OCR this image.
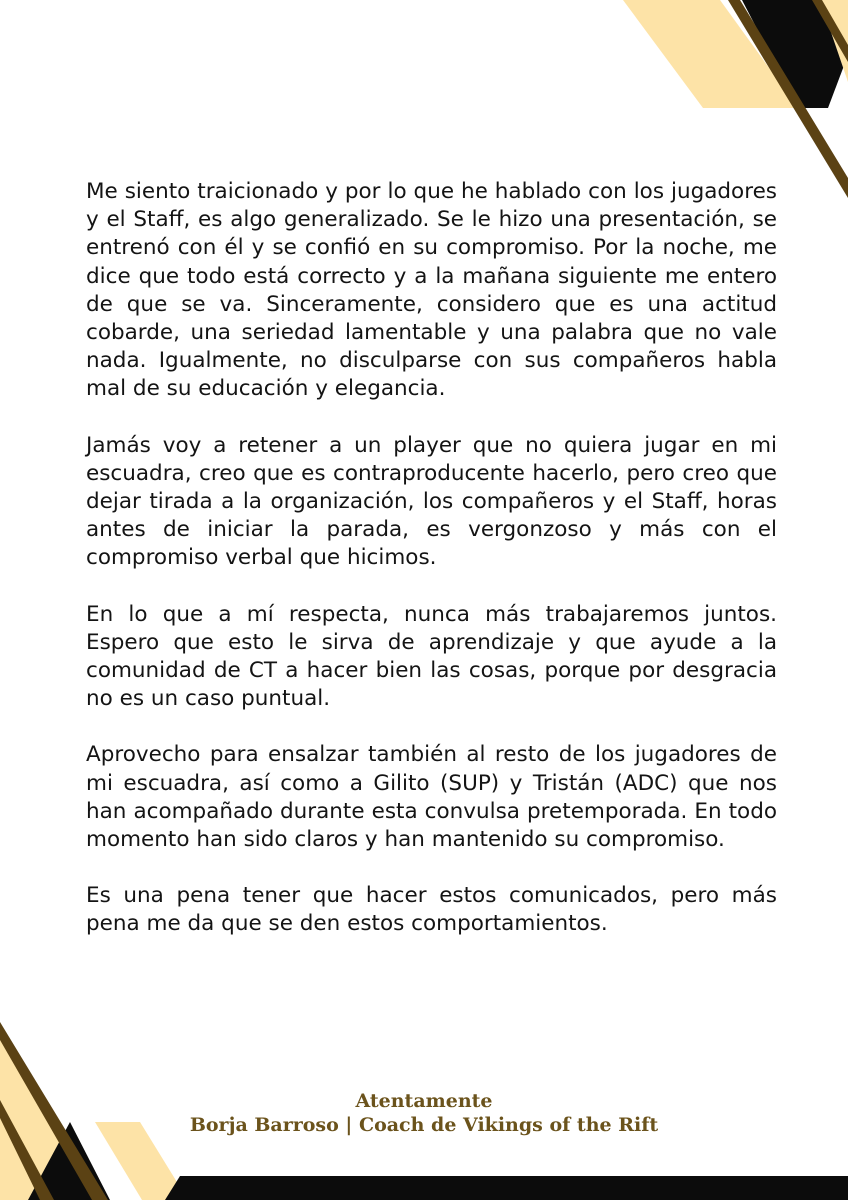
Me siento traicionado y por lo que he hablado con los jugadores y el Staff, es algo generalizado. Se le hizo una presentación, se entrenó con él y se confió en su compromiso. Por la noche, me dice que todo está correcto y a la mañana siguiente me entero de que se va. Sinceramente, considero que es una actitud cobarde, una seriedad lamentable y una palabra que no vale nada. Igualmente, no disculparse con sus compañeros habla mal de su educación y elegancia.

Jamás voy a retener a un player que no quiera jugar en mi escuadra, creo que es contraproducente hacerlo, pero creo que dejar tirada a la organización, los compañeros y el Staff, horas antes de iniciar la parada, es vergonzoso y más con el compromiso verbal que hicimos.

En lo que a mí respecta, nunca más trabajaremos juntos. Espero que esto le sirva de aprendizaje y que ayude a la comunidad de CT a hacer bien las cosas, porque por desgracia no es un caso puntual.

Aprovecho para ensalzar también al resto de los jugadores de mi escuadra, así como a Gilito (SUP) y Tristán (ADC) que nos han acompañado durante esta convulsa pretemporada. En todo momento han sido claros y han mantenido su compromiso.

Es una pena tener que hacer estos comunicados, pero más pena me da que se den estos comportamientos.

Atentamente
Borja Barroso | Coach de Vikings of the Rift
